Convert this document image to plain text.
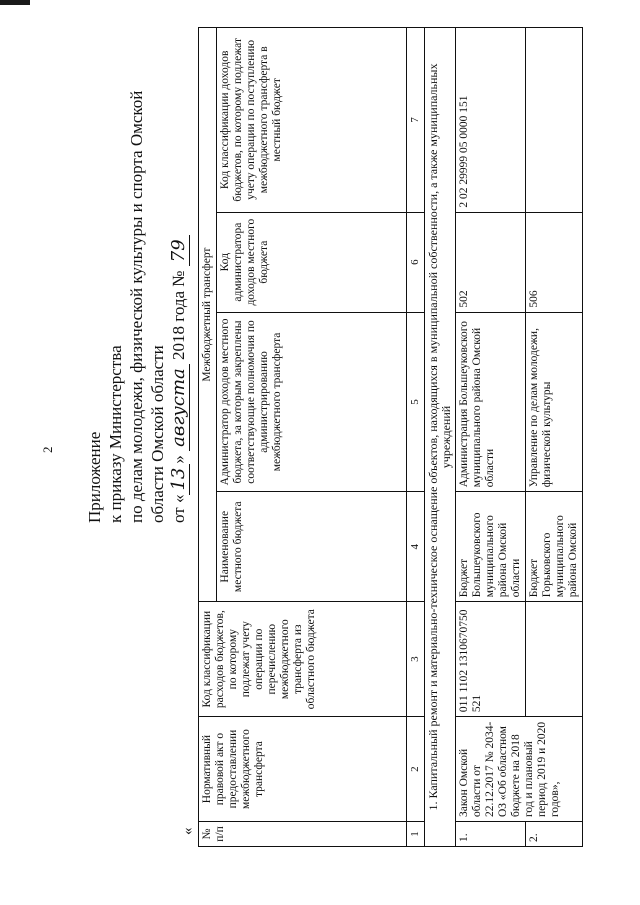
2 Приложение к приказу Министерства по делам молодежи, физической культуры и спорта Омской области Омской области от «13» августа 2018 года № 79
« № п/п	Нормативный правовой акт о предоставлении межбюджетного трансферта	Код классификации расходов бюджетов, по которому подлежат учету операции по перечислению межбюджетного трансферта из областного бюджета	Межбюджетный трансферт			
			Наименование местного бюджета	Администратор доходов местного бюджета, за которым закреплены соответствующие полномочия по администрированию межбюджетного трансферта	Код администратора доходов местного бюджета	Код классификации доходов бюджетов, по которому подлежат учету операции по поступлению межбюджетного трансферта в местный бюджет
1	2	3	4	5	6	7
1. Капитальный ремонт и материально-техническое оснащение объектов, находящихся в муниципальной собственности, а также муниципальных учреждений						
1.	Закон Омской области от 22.12.2017 № 2034-ОЗ «Об областном бюджете на 2018 год и плановый период 2019 и 2020 годов»,	011 1102 1310670750 521	Бюджет Большеуковского муниципального района Омской области	Администрация Большеуковского муниципального района Омской области	502	2 02 29999 05 0000 151
2.			Бюджет Горьковского муниципального района Омской	Управление по делам молодежи, физической культуры	506	
